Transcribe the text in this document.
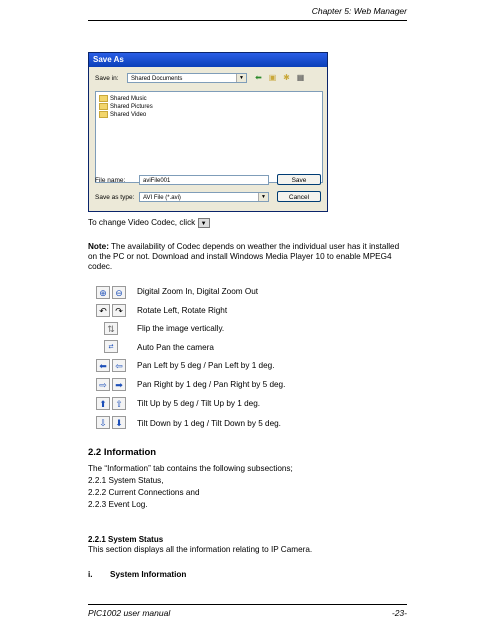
Chapter 5: Web Manager
Save As
Save in:	Shared Documents	▼ ⬅ ▣ ✱ ▦
Shared Music
Shared Pictures
Shared Video
File name:	aviFile001
Save as type:	AVI File (*.avi)	▼
Save
Cancel
To change Video Codec, click ▼
Note: The availability of Codec depends on weather the individual user has it installed on the PC or not. Download and install Windows Media Player 10 to enable MPEG4 codec.
⊕ ⊖	Digital Zoom In, Digital Zoom Out
↶ ↷	Rotate Left, Rotate Right
⇅	Flip the image vertically.
⇄	Auto Pan the camera
⬅ ⇦	Pan Left by 5 deg / Pan Left by 1 deg.
⇨ ➡	Pan Right by 1 deg / Pan Right by 5 deg.
⬆ ⇧	Tilt Up by 5 deg / Tilt Up by 1 deg.
⇩ ⬇	Tilt Down by 1 deg / Tilt Down by 5 deg.
2.2 Information
The “Information” tab contains the following subsections;
2.2.1 System Status,
2.2.2 Current Connections and
2.2.3 Event Log.
2.2.1 System Status
This section displays all the information relating to IP Camera.
i. System Information
PIC1002 user manual	-23-
